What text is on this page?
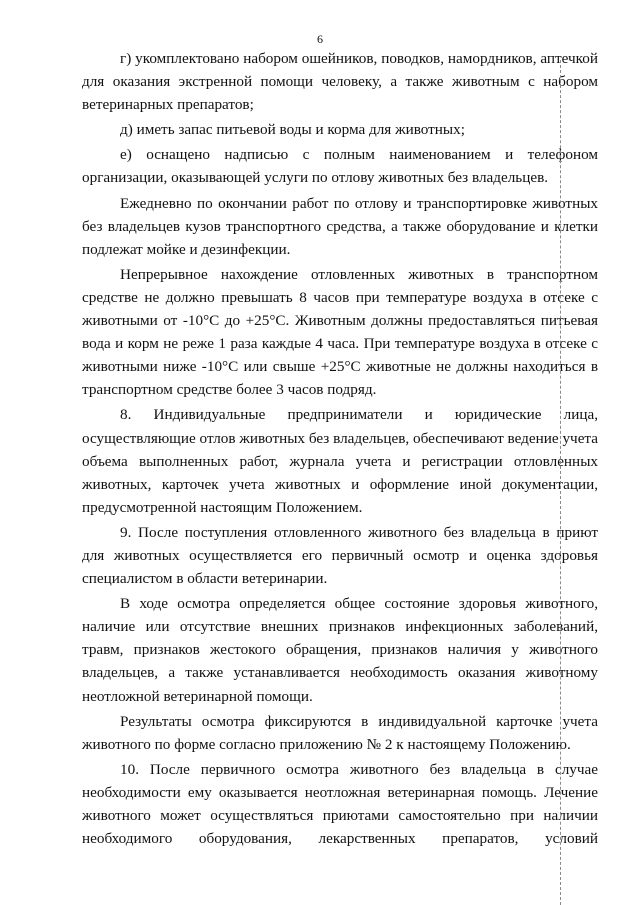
6

г) укомплектовано набором ошейников, поводков, намордников, аптечкой для оказания экстренной помощи человеку, а также животным с набором ветеринарных препаратов;

д) иметь запас питьевой воды и корма для животных;

е) оснащено надписью с полным наименованием и телефоном организации, оказывающей услуги по отлову животных без владельцев.

Ежедневно по окончании работ по отлову и транспортировке животных без владельцев кузов транспортного средства, а также оборудование и клетки подлежат мойке и дезинфекции.

Непрерывное нахождение отловленных животных в транспортном средстве не должно превышать 8 часов при температуре воздуха в отсеке с животными от -10°С до +25°С. Животным должны предоставляться питьевая вода и корм не реже 1 раза каждые 4 часа. При температуре воздуха в отсеке с животными ниже -10°С или свыше +25°С животные не должны находиться в транспортном средстве более 3 часов подряд.

8. Индивидуальные предприниматели и юридические лица, осуществляющие отлов животных без владельцев, обеспечивают ведение учета объема выполненных работ, журнала учета и регистрации отловленных животных, карточек учета животных и оформление иной документации, предусмотренной настоящим Положением.

9. После поступления отловленного животного без владельца в приют для животных осуществляется его первичный осмотр и оценка здоровья специалистом в области ветеринарии.

В ходе осмотра определяется общее состояние здоровья животного, наличие или отсутствие внешних признаков инфекционных заболеваний, травм, признаков жестокого обращения, признаков наличия у животного владельцев, а также устанавливается необходимость оказания животному неотложной ветеринарной помощи.

Результаты осмотра фиксируются в индивидуальной карточке учета животного по форме согласно приложению № 2 к настоящему Положению.

10. После первичного осмотра животного без владельца в случае необходимости ему оказывается неотложная ветеринарная помощь. Лечение животного может осуществляться приютами самостоятельно при наличии необходимого оборудования, лекарственных препаратов, условий
